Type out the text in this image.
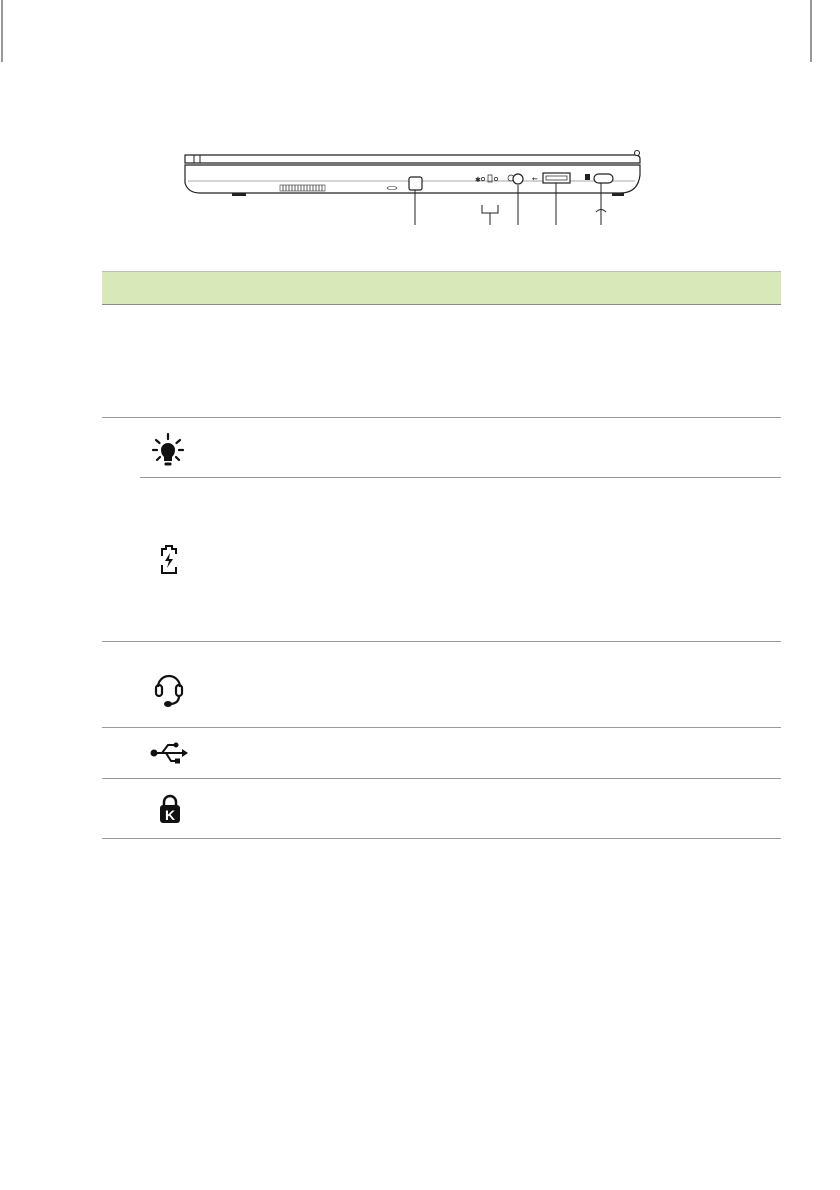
✱	⇜
K
